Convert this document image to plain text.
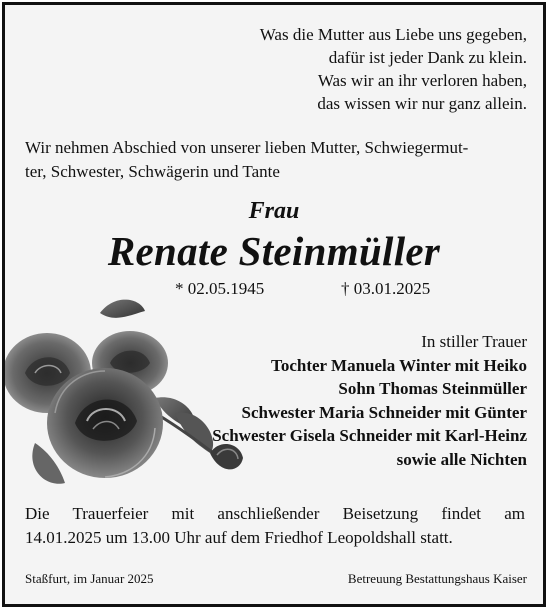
Was die Mutter aus Liebe uns gegeben,
dafür ist jeder Dank zu klein.
Was wir an ihr verloren haben,
das wissen wir nur ganz allein.
Wir nehmen Abschied von unserer lieben Mutter, Schwiegermut-
ter, Schwester, Schwägerin und Tante
Frau
Renate Steinmüller
* 02.05.1945	† 03.01.2025
In stiller Trauer
Tochter Manuela Winter mit Heiko
Sohn Thomas Steinmüller
Schwester Maria Schneider mit Günter
Schwester Gisela Schneider mit Karl-Heinz
sowie alle Nichten
Die Trauerfeier mit anschließender Beisetzung findet am
14.01.2025 um 13.00 Uhr auf dem Friedhof Leopoldshall statt.
Staßfurt, im Januar 2025	Betreuung Bestattungshaus Kaiser
